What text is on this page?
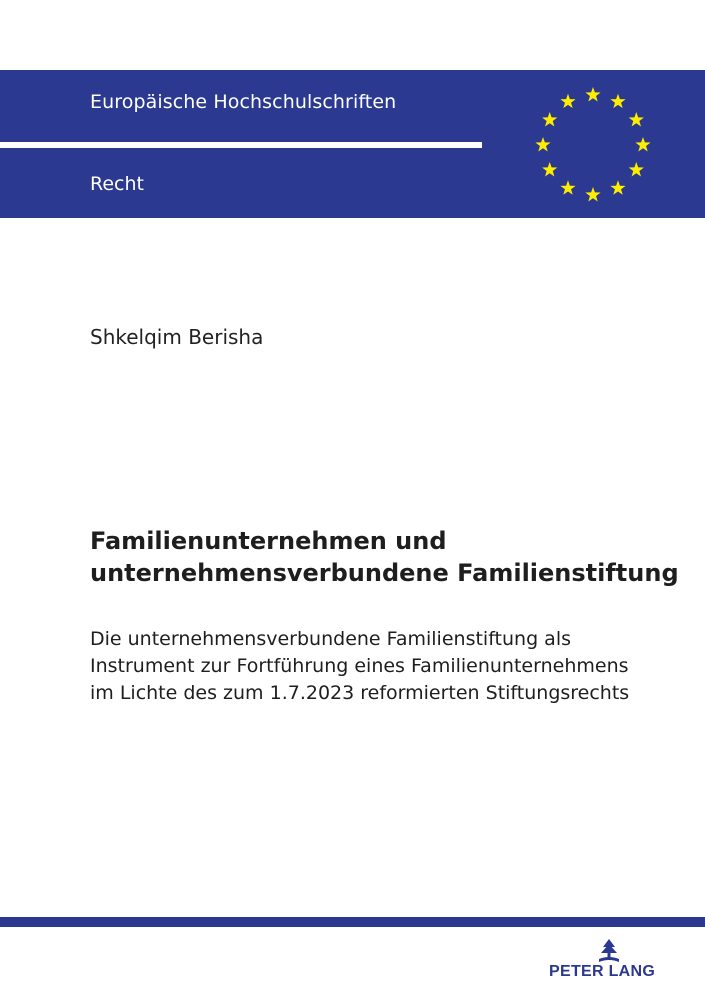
Europäische Hochschulschriften
Recht
Shkelqim Berisha
Familienunternehmen und
unternehmensverbundene Familienstiftung
Die unternehmensverbundene Familienstiftung als
Instrument zur Fortführung eines Familienunternehmens
im Lichte des zum 1.7.2023 reformierten Stiftungsrechts
PETER LANG
